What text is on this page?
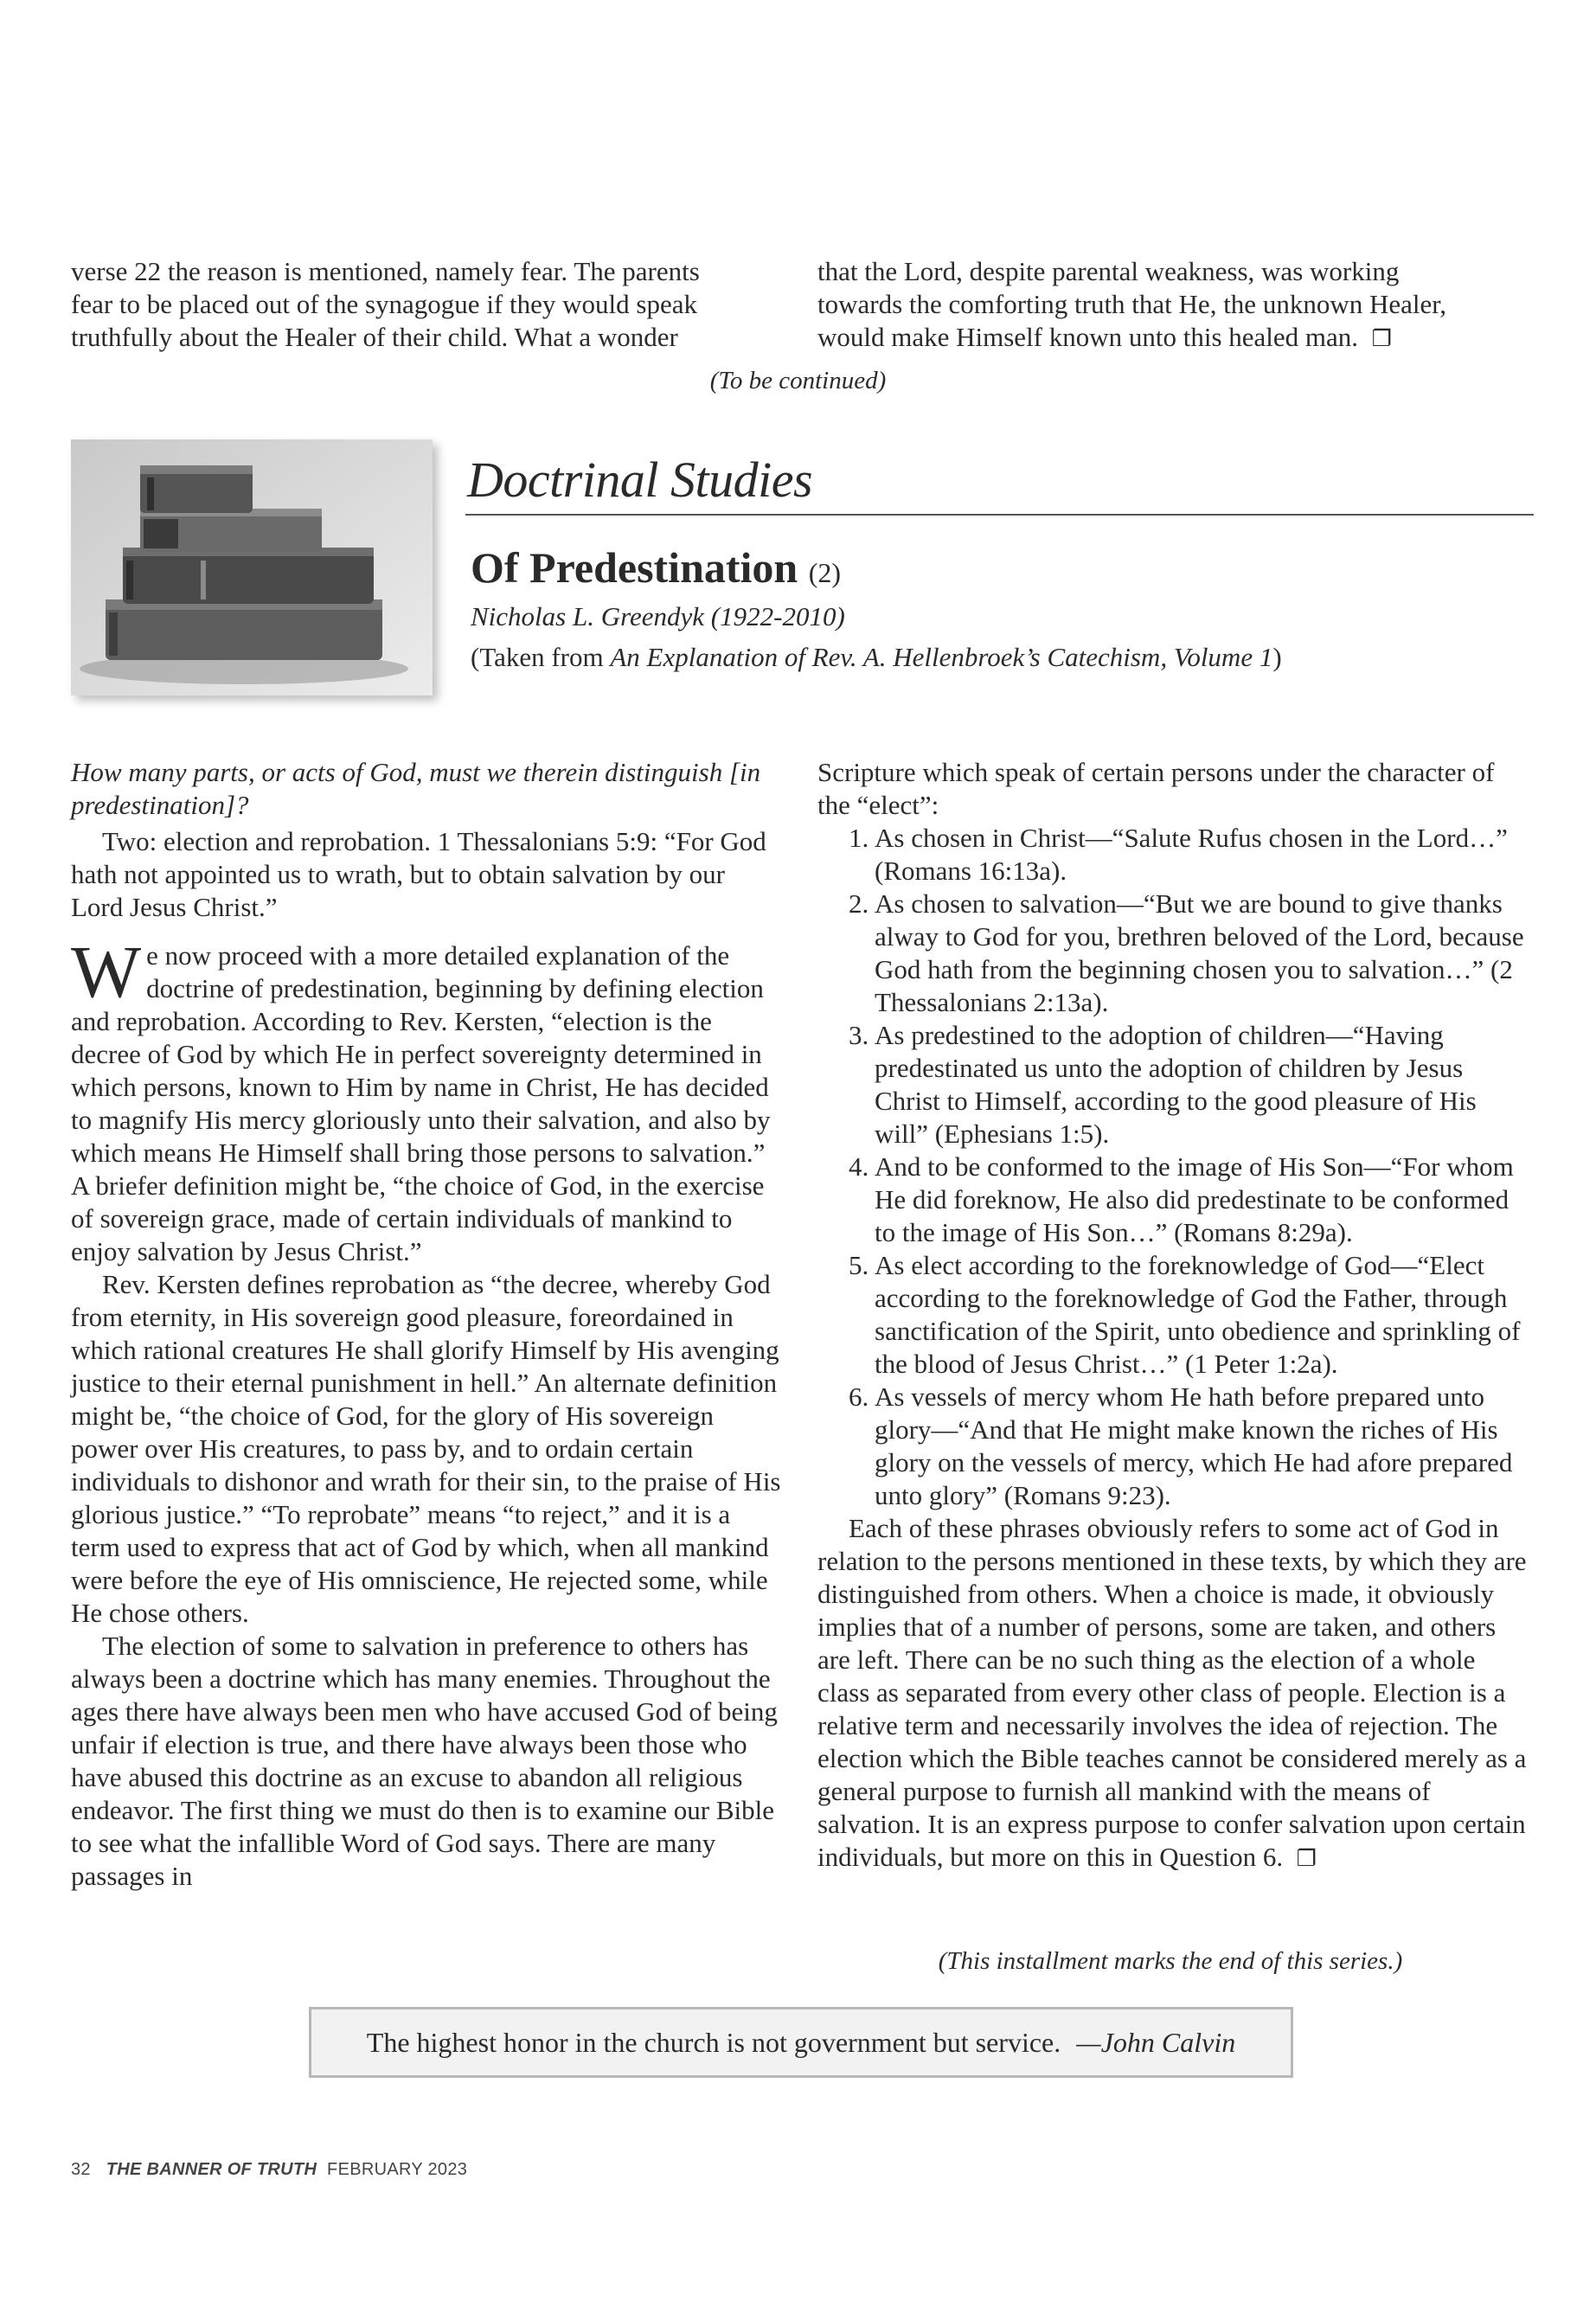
verse 22 the reason is mentioned, namely fear. The parents
fear to be placed out of the synagogue if they would speak
truthfully about the Healer of their child. What a wonder
that the Lord, despite parental weakness, was working
towards the comforting truth that He, the unknown Healer,
would make Himself known unto this healed man. ❐
(To be continued)
Doctrinal Studies
Of Predestination (2)
Nicholas L. Greendyk (1922-2010)
(Taken from An Explanation of Rev. A. Hellenbroek’s Catechism, Volume 1)

How many parts, or acts of God, must we therein distinguish [in predestination]?

Two: election and reprobation. 1 Thessalonians 5:9: “For God hath not appointed us to wrath, but to obtain salvation by our Lord Jesus Christ.”

We now proceed with a more detailed explanation of the doctrine of predestination, beginning by defining election and reprobation. According to Rev. Kersten, “election is the decree of God by which He in perfect sovereignty determined in which persons, known to Him by name in Christ, He has decided to magnify His mercy gloriously unto their salvation, and also by which means He Himself shall bring those persons to salvation.” A briefer definition might be, “the choice of God, in the exercise of sovereign grace, made of certain individuals of mankind to enjoy salvation by Jesus Christ.”

Rev. Kersten defines reprobation as “the decree, whereby God from eternity, in His sovereign good pleasure, foreordained in which rational creatures He shall glorify Himself by His avenging justice to their eternal punishment in hell.” An alternate definition might be, “the choice of God, for the glory of His sovereign power over His creatures, to pass by, and to ordain certain individuals to dishonor and wrath for their sin, to the praise of His glorious justice.” “To reprobate” means “to reject,” and it is a term used to express that act of God by which, when all mankind were before the eye of His omniscience, He rejected some, while He chose others.

The election of some to salvation in preference to others has always been a doctrine which has many enemies. Throughout the ages there have always been men who have accused God of being unfair if election is true, and there have always been those who have abused this doctrine as an excuse to abandon all religious endeavor. The first thing we must do then is to examine our Bible to see what the infallible Word of God says. There are many passages in

Scripture which speak of certain persons under the character of the “elect”:

1. As chosen in Christ—“Salute Rufus chosen in the Lord…” (Romans 16:13a).
2. As chosen to salvation—“But we are bound to give thanks alway to God for you, brethren beloved of the Lord, because God hath from the beginning chosen you to salvation…” (2 Thessalonians 2:13a).
3. As predestined to the adoption of children—“Having predestinated us unto the adoption of children by Jesus Christ to Himself, according to the good pleasure of His will” (Ephesians 1:5).
4. And to be conformed to the image of His Son—“For whom He did foreknow, He also did predestinate to be conformed to the image of His Son…” (Romans 8:29a).
5. As elect according to the foreknowledge of God—“Elect according to the foreknowledge of God the Father, through sanctification of the Spirit, unto obedience and sprinkling of the blood of Jesus Christ…” (1 Peter 1:2a).
6. As vessels of mercy whom He hath before prepared unto glory—“And that He might make known the riches of His glory on the vessels of mercy, which He had afore prepared unto glory” (Romans 9:23).

Each of these phrases obviously refers to some act of God in relation to the persons mentioned in these texts, by which they are distinguished from others. When a choice is made, it obviously implies that of a number of persons, some are taken, and others are left. There can be no such thing as the election of a whole class as separated from every other class of people. Election is a relative term and necessarily involves the idea of rejection. The election which the Bible teaches cannot be considered merely as a general purpose to furnish all mankind with the means of salvation. It is an express purpose to confer salvation upon certain individuals, but more on this in Question 6. ❐

(This installment marks the end of this series.)
The highest honor in the church is not government but service. —John Calvin
32 THE BANNER OF TRUTH FEBRUARY 2023
